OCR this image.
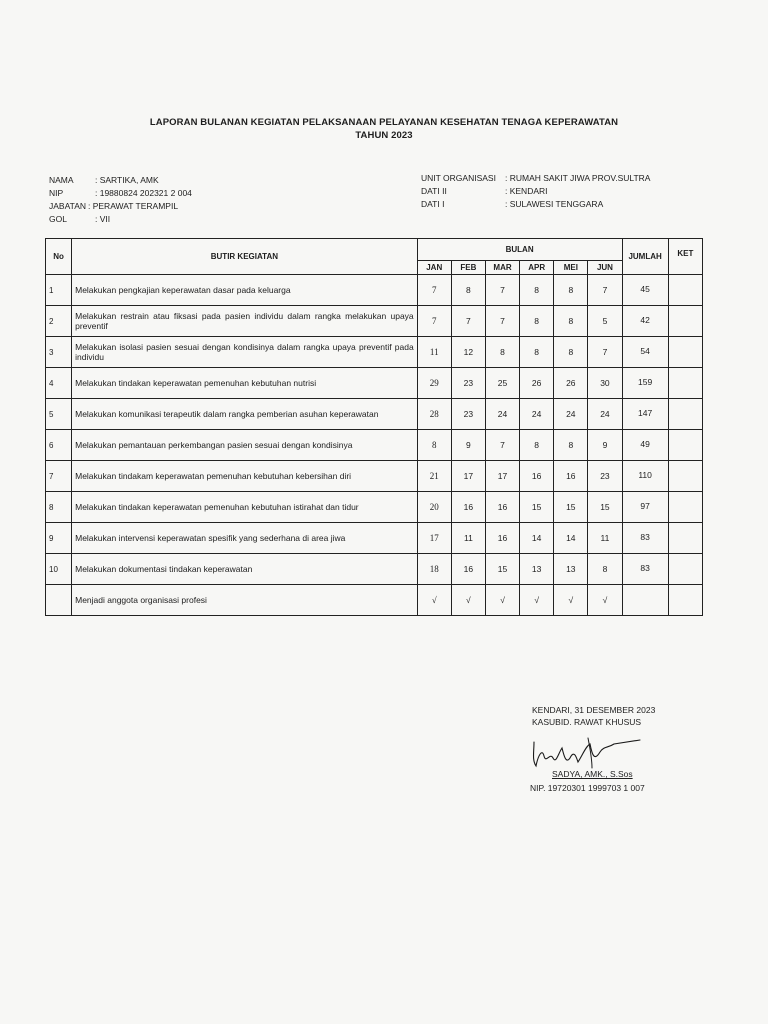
LAPORAN BULANAN KEGIATAN PELAKSANAAN PELAYANAN KESEHATAN TENAGA KEPERAWATAN
TAHUN 2023
NAMA	: SARTIKA, AMK
NIP	: 19880824 202321 2 004
JABATAN : PERAWAT TERAMPIL
GOL	: VII
UNIT ORGANISASI	: RUMAH SAKIT JIWA PROV.SULTRA
DATI II	: KENDARI
DATI I	: SULAWESI TENGGARA
No	BUTIR KEGIATAN	BULAN						JUMLAH	KET
		JAN	FEB	MAR	APR	MEI	JUN		
1	Melakukan pengkajian keperawatan dasar pada keluarga	7	8	7	8	8	7	45	
2	Melakukan restrain atau fiksasi pada pasien individu dalam rangka melakukan upaya preventif	7	7	7	8	8	5	42	
3	Melakukan isolasi pasien sesuai dengan kondisinya dalam rangka upaya preventif pada individu	11	12	8	8	8	7	54	
4	Melakukan tindakan keperawatan pemenuhan kebutuhan nutrisi	29	23	25	26	26	30	159	
5	Melakukan komunikasi terapeutik dalam rangka pemberian asuhan keperawatan	28	23	24	24	24	24	147	
6	Melakukan pemantauan perkembangan pasien sesuai dengan kondisinya	8	9	7	8	8	9	49	
7	Melakukan tindakam keperawatan pemenuhan kebutuhan kebersihan diri	21	17	17	16	16	23	110	
8	Melakukan tindakan keperawatan pemenuhan kebutuhan istirahat dan tidur	20	16	16	15	15	15	97	
9	Melakukan intervensi keperawatan spesifik yang sederhana di area jiwa	17	11	16	14	14	11	83	
10	Melakukan dokumentasi tindakan keperawatan	18	16	15	13	13	8	83	
	Menjadi anggota organisasi profesi	√	√	√	√	√	√		
KENDARI, 31 DESEMBER 2023
KASUBID. RAWAT KHUSUS
SADYA, AMK., S.Sos
NIP. 19720301 1999703 1 007
